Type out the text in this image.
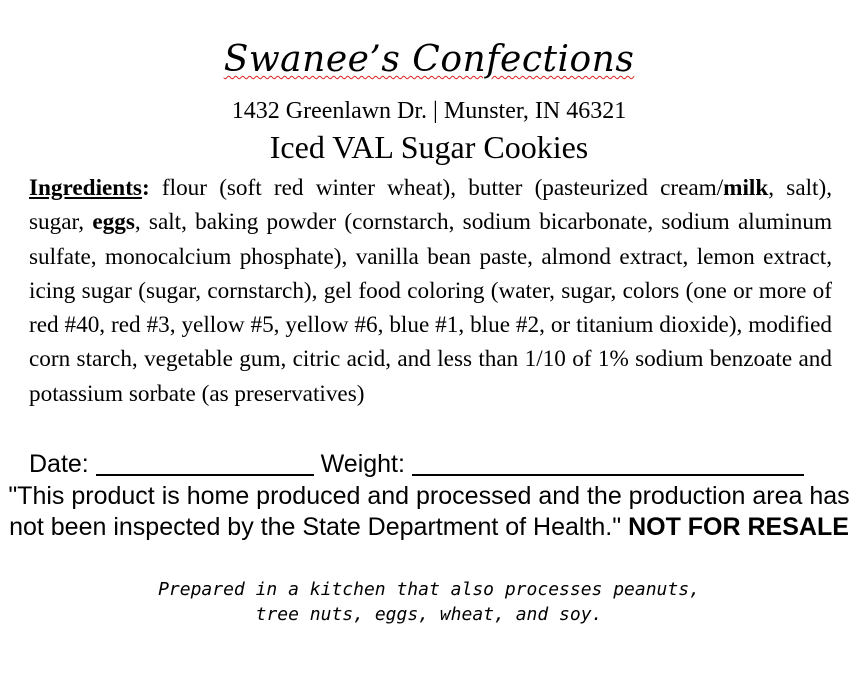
Swanee’s Confections
1432 Greenlawn Dr. | Munster, IN 46321
Iced VAL Sugar Cookies

Ingredients: flour (soft red winter wheat), butter (pasteurized cream/milk, salt), sugar, eggs, salt, baking powder (cornstarch, sodium bicarbonate, sodium aluminum sulfate, monocalcium phosphate), vanilla bean paste, almond extract, lemon extract, icing sugar (sugar, cornstarch), gel food coloring (water, sugar, colors (one or more of red #40, red #3, yellow #5, yellow #6, blue #1, blue #2, or titanium dioxide), modified corn starch, vegetable gum, citric acid, and less than 1/10 of 1% sodium benzoate and potassium sorbate (as preservatives)

Date:	Weight:
"This product is home produced and processed and the production area has not been inspected by the State Department of Health." NOT FOR RESALE
Prepared in a kitchen that also processes peanuts,
tree nuts, eggs, wheat, and soy.
